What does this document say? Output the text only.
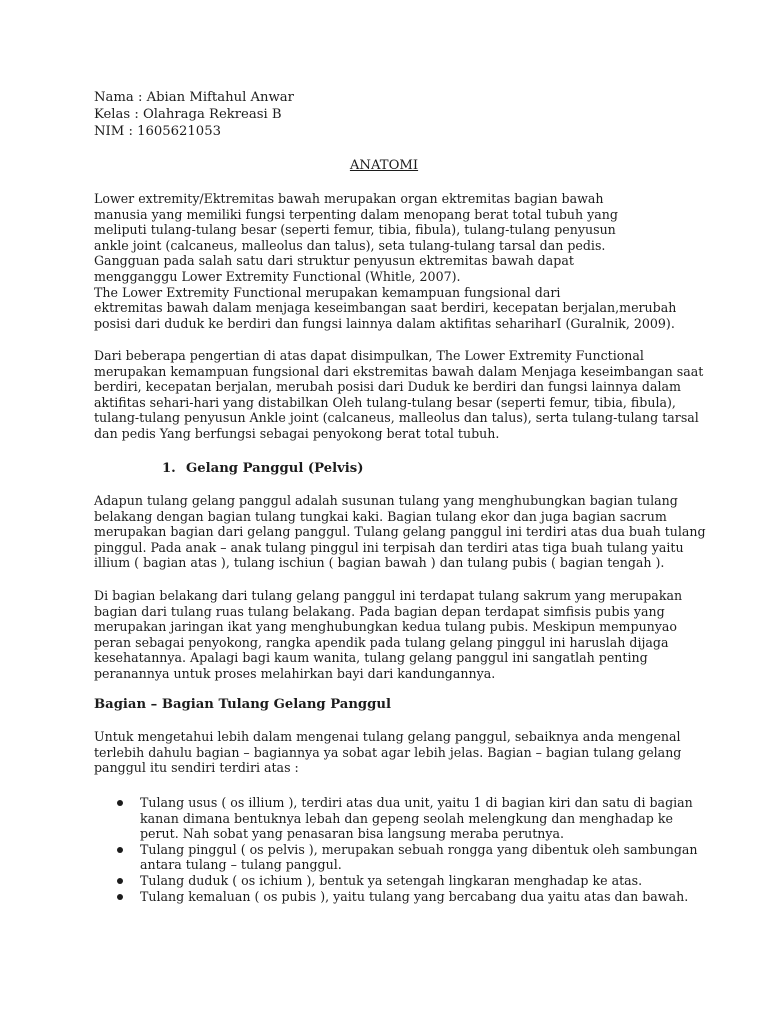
Nama : Abian Miftahul Anwar
Kelas : Olahraga Rekreasi B
NIM : 1605621053
ANATOMI
Lower extremity/Ektremitas bawah merupakan organ ektremitas bagian bawah
manusia yang memiliki fungsi terpenting dalam menopang berat total tubuh yang
meliputi tulang-tulang besar (seperti femur, tibia, fibula), tulang-tulang penyusun
ankle joint (calcaneus, malleolus dan talus), seta tulang-tulang tarsal dan pedis.
Gangguan pada salah satu dari struktur penyusun ektremitas bawah dapat
mengganggu Lower Extremity Functional (Whitle, 2007).
The Lower Extremity Functional merupakan kemampuan fungsional dari
ektremitas bawah dalam menjaga keseimbangan saat berdiri, kecepatan berjalan,merubah
posisi dari duduk ke berdiri dan fungsi lainnya dalam aktifitas sehariharI (Guralnik, 2009).
Dari beberapa pengertian di atas dapat disimpulkan, The Lower Extremity Functional
merupakan kemampuan fungsional dari ekstremitas bawah dalam Menjaga keseimbangan saat
berdiri, kecepatan berjalan, merubah posisi dari Duduk ke berdiri dan fungsi lainnya dalam
aktifitas sehari-hari yang distabilkan Oleh tulang-tulang besar (seperti femur, tibia, fibula),
tulang-tulang penyusun Ankle joint (calcaneus, malleolus dan talus), serta tulang-tulang tarsal
dan pedis Yang berfungsi sebagai penyokong berat total tubuh.
1. Gelang Panggul (Pelvis)
Adapun tulang gelang panggul adalah susunan tulang yang menghubungkan bagian tulang
belakang dengan bagian tulang tungkai kaki. Bagian tulang ekor dan juga bagian sacrum
merupakan bagian dari gelang panggul. Tulang gelang panggul ini terdiri atas dua buah tulang
pinggul. Pada anak – anak tulang pinggul ini terpisah dan terdiri atas tiga buah tulang yaitu
illium ( bagian atas ), tulang ischiun ( bagian bawah ) dan tulang pubis ( bagian tengah ).
Di bagian belakang dari tulang gelang panggul ini terdapat tulang sakrum yang merupakan
bagian dari tulang ruas tulang belakang. Pada bagian depan terdapat simfisis pubis yang
merupakan jaringan ikat yang menghubungkan kedua tulang pubis. Meskipun mempunyao
peran sebagai penyokong, rangka apendik pada tulang gelang pinggul ini haruslah dijaga
kesehatannya. Apalagi bagi kaum wanita, tulang gelang panggul ini sangatlah penting
peranannya untuk proses melahirkan bayi dari kandungannya.
Bagian – Bagian Tulang Gelang Panggul
Untuk mengetahui lebih dalam mengenai tulang gelang panggul, sebaiknya anda mengenal
terlebih dahulu bagian – bagiannya ya sobat agar lebih jelas. Bagian – bagian tulang gelang
panggul itu sendiri terdiri atas :
Tulang usus ( os illium ), terdiri atas dua unit, yaitu 1 di bagian kiri dan satu di bagian
kanan dimana bentuknya lebah dan gepeng seolah melengkung dan menghadap ke
perut. Nah sobat yang penasaran bisa langsung meraba perutnya.
Tulang pinggul ( os pelvis ), merupakan sebuah rongga yang dibentuk oleh sambungan
antara tulang – tulang panggul.
Tulang duduk ( os ichium ), bentuk ya setengah lingkaran menghadap ke atas.
Tulang kemaluan ( os pubis ), yaitu tulang yang bercabang dua yaitu atas dan bawah.
